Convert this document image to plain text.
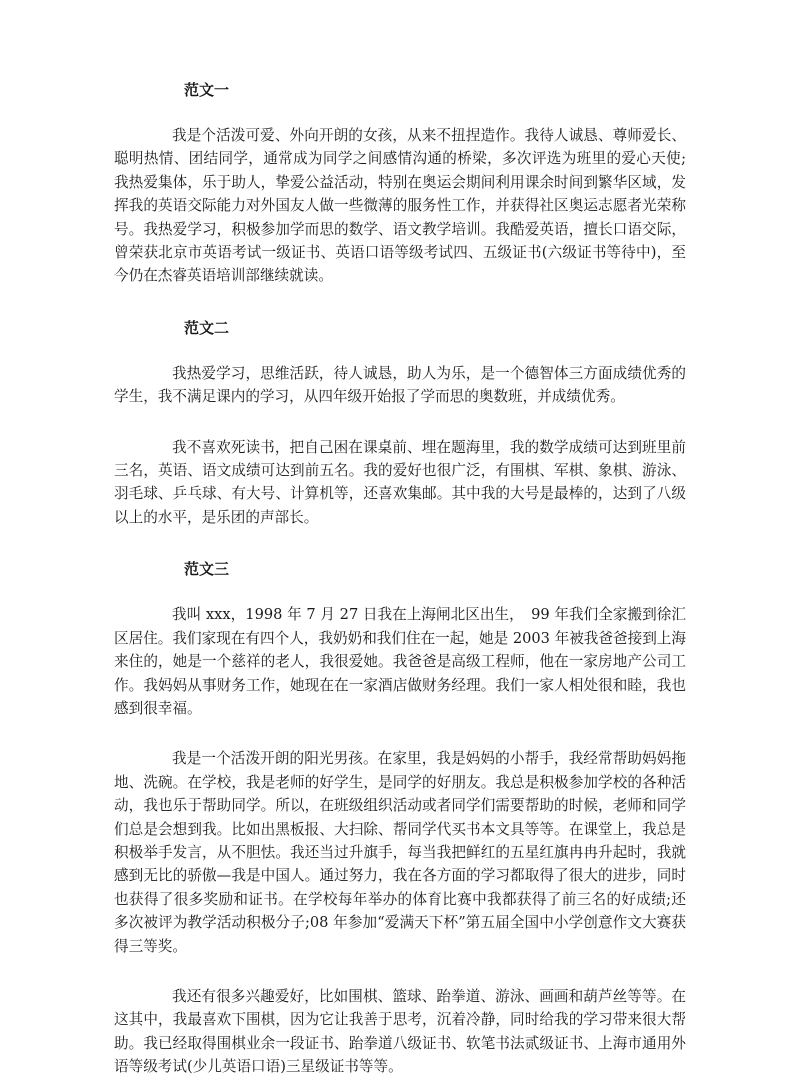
范文一

我是个活泼可爱、外向开朗的女孩，从来不扭捏造作。我待人诚恳、尊师爱长、聪明热情、团结同学，通常成为同学之间感情沟通的桥梁，多次评选为班里的爱心天使;我热爱集体，乐于助人，挚爱公益活动，特别在奥运会期间利用课余时间到繁华区域，发挥我的英语交际能力对外国友人做一些微薄的服务性工作，并获得社区奥运志愿者光荣称号。我热爱学习，积极参加学而思的数学、语文教学培训。我酷爱英语，擅长口语交际，曾荣获北京市英语考试一级证书、英语口语等级考试四、五级证书(六级证书等待中)，至今仍在杰睿英语培训部继续就读。

范文二

我热爱学习，思维活跃，待人诚恳，助人为乐，是一个德智体三方面成绩优秀的学生，我不满足课内的学习，从四年级开始报了学而思的奥数班，并成绩优秀。

我不喜欢死读书，把自己困在课桌前、埋在题海里，我的数学成绩可达到班里前三名，英语、语文成绩可达到前五名。我的爱好也很广泛，有围棋、军棋、象棋、游泳、羽毛球、乒乓球、有大号、计算机等，还喜欢集邮。其中我的大号是最棒的，达到了八级以上的水平，是乐团的声部长。

范文三

我叫 xxx，1998 年 7 月 27 日我在上海闸北区出生，　99 年我们全家搬到徐汇区居住。我们家现在有四个人，我奶奶和我们住在一起，她是 2003 年被我爸爸接到上海来住的，她是一个慈祥的老人，我很爱她。我爸爸是高级工程师，他在一家房地产公司工作。我妈妈从事财务工作，她现在在一家酒店做财务经理。我们一家人相处很和睦，我也感到很幸福。

我是一个活泼开朗的阳光男孩。在家里，我是妈妈的小帮手，我经常帮助妈妈拖地、洗碗。在学校，我是老师的好学生，是同学的好朋友。我总是积极参加学校的各种活动，我也乐于帮助同学。所以，在班级组织活动或者同学们需要帮助的时候，老师和同学们总是会想到我。比如出黑板报、大扫除、帮同学代买书本文具等等。在课堂上，我总是积极举手发言，从不胆怯。我还当过升旗手，每当我把鲜红的五星红旗冉冉升起时，我就感到无比的骄傲—我是中国人。通过努力，我在各方面的学习都取得了很大的进步，同时也获得了很多奖励和证书。在学校每年举办的体育比赛中我都获得了前三名的好成绩;还多次被评为教学活动积极分子;08 年参加“爱满天下杯”第五届全国中小学创意作文大赛获得三等奖。

我还有很多兴趣爱好，比如围棋、篮球、跆拳道、游泳、画画和葫芦丝等等。在这其中，我最喜欢下围棋，因为它让我善于思考，沉着冷静，同时给我的学习带来很大帮助。我已经取得围棋业余一段证书、跆拳道八级证书、软笔书法贰级证书、上海市通用外语等级考试(少儿英语口语)三星级证书等等。
